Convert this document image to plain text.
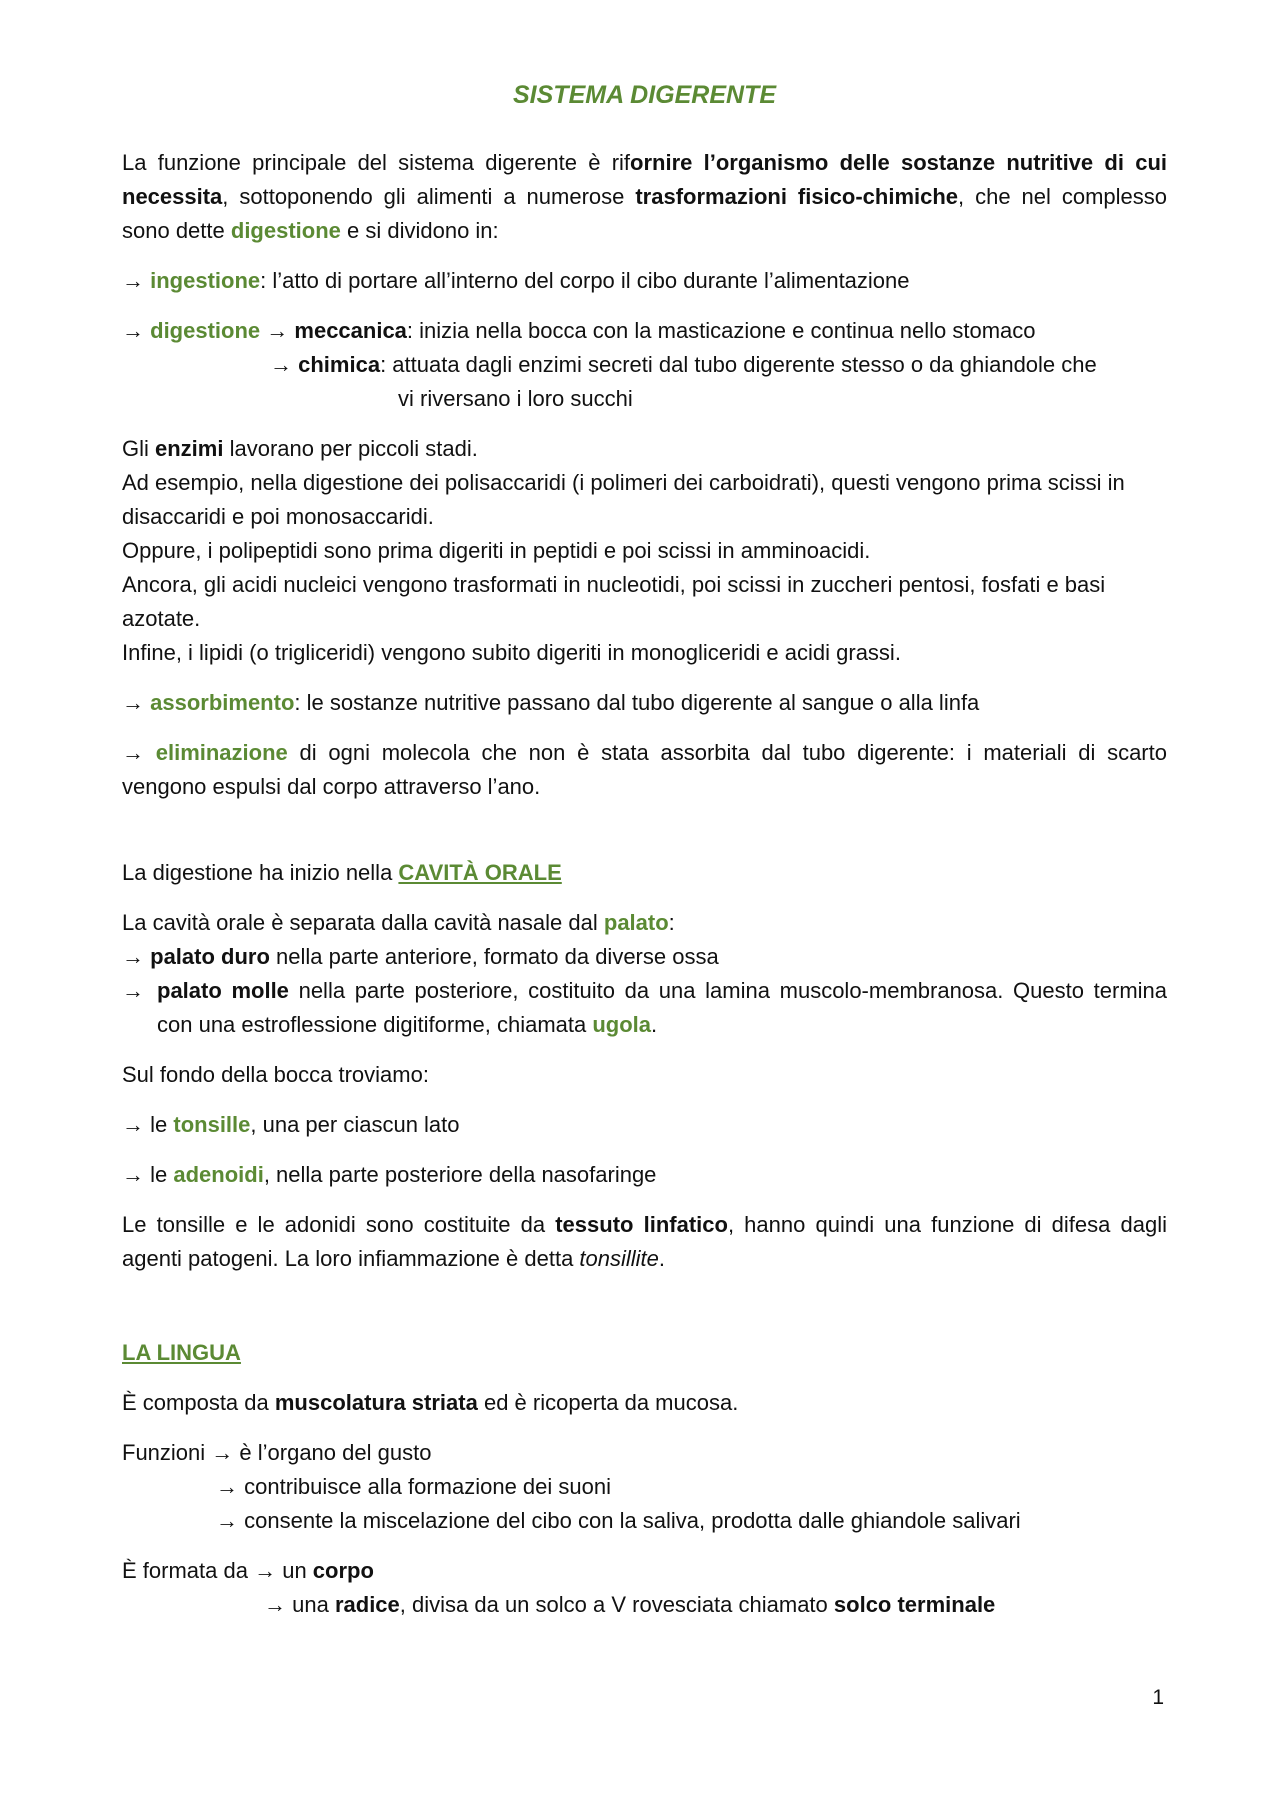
SISTEMA DIGERENTE

La funzione principale del sistema digerente è rifornire l’organismo delle sostanze nutritive di cui necessita, sottoponendo gli alimenti a numerose trasformazioni fisico-chimiche, che nel complesso sono dette digestione e si dividono in:

→ ingestione: l’atto di portare all’interno del corpo il cibo durante l’alimentazione

→ digestione → meccanica: inizia nella bocca con la masticazione e continua nello stomaco

→ chimica: attuata dagli enzimi secreti dal tubo digerente stesso o da ghiandole che

vi riversano i loro succhi

Gli enzimi lavorano per piccoli stadi.

Ad esempio, nella digestione dei polisaccaridi (i polimeri dei carboidrati), questi vengono prima scissi in disaccaridi e poi monosaccaridi.

Oppure, i polipeptidi sono prima digeriti in peptidi e poi scissi in amminoacidi.

Ancora, gli acidi nucleici vengono trasformati in nucleotidi, poi scissi in zuccheri pentosi, fosfati e basi azotate.

Infine, i lipidi (o trigliceridi) vengono subito digeriti in monogliceridi e acidi grassi.

→ assorbimento: le sostanze nutritive passano dal tubo digerente al sangue o alla linfa

→ eliminazione di ogni molecola che non è stata assorbita dal tubo digerente: i materiali di scarto vengono espulsi dal corpo attraverso l’ano.

La digestione ha inizio nella CAVITÀ ORALE

La cavità orale è separata dalla cavità nasale dal palato:

→ palato duro nella parte anteriore, formato da diverse ossa

→ palato molle nella parte posteriore, costituito da una lamina muscolo-membranosa. Questo termina con una estroflessione digitiforme, chiamata ugola.

Sul fondo della bocca troviamo:

→ le tonsille, una per ciascun lato

→ le adenoidi, nella parte posteriore della nasofaringe

Le tonsille e le adonidi sono costituite da tessuto linfatico, hanno quindi una funzione di difesa dagli agenti patogeni. La loro infiammazione è detta tonsillite.

LA LINGUA

È composta da muscolatura striata ed è ricoperta da mucosa.

Funzioni → è l’organo del gusto

→ contribuisce alla formazione dei suoni

→ consente la miscelazione del cibo con la saliva, prodotta dalle ghiandole salivari

È formata da → un corpo

→ una radice, divisa da un solco a V rovesciata chiamato solco terminale

1
